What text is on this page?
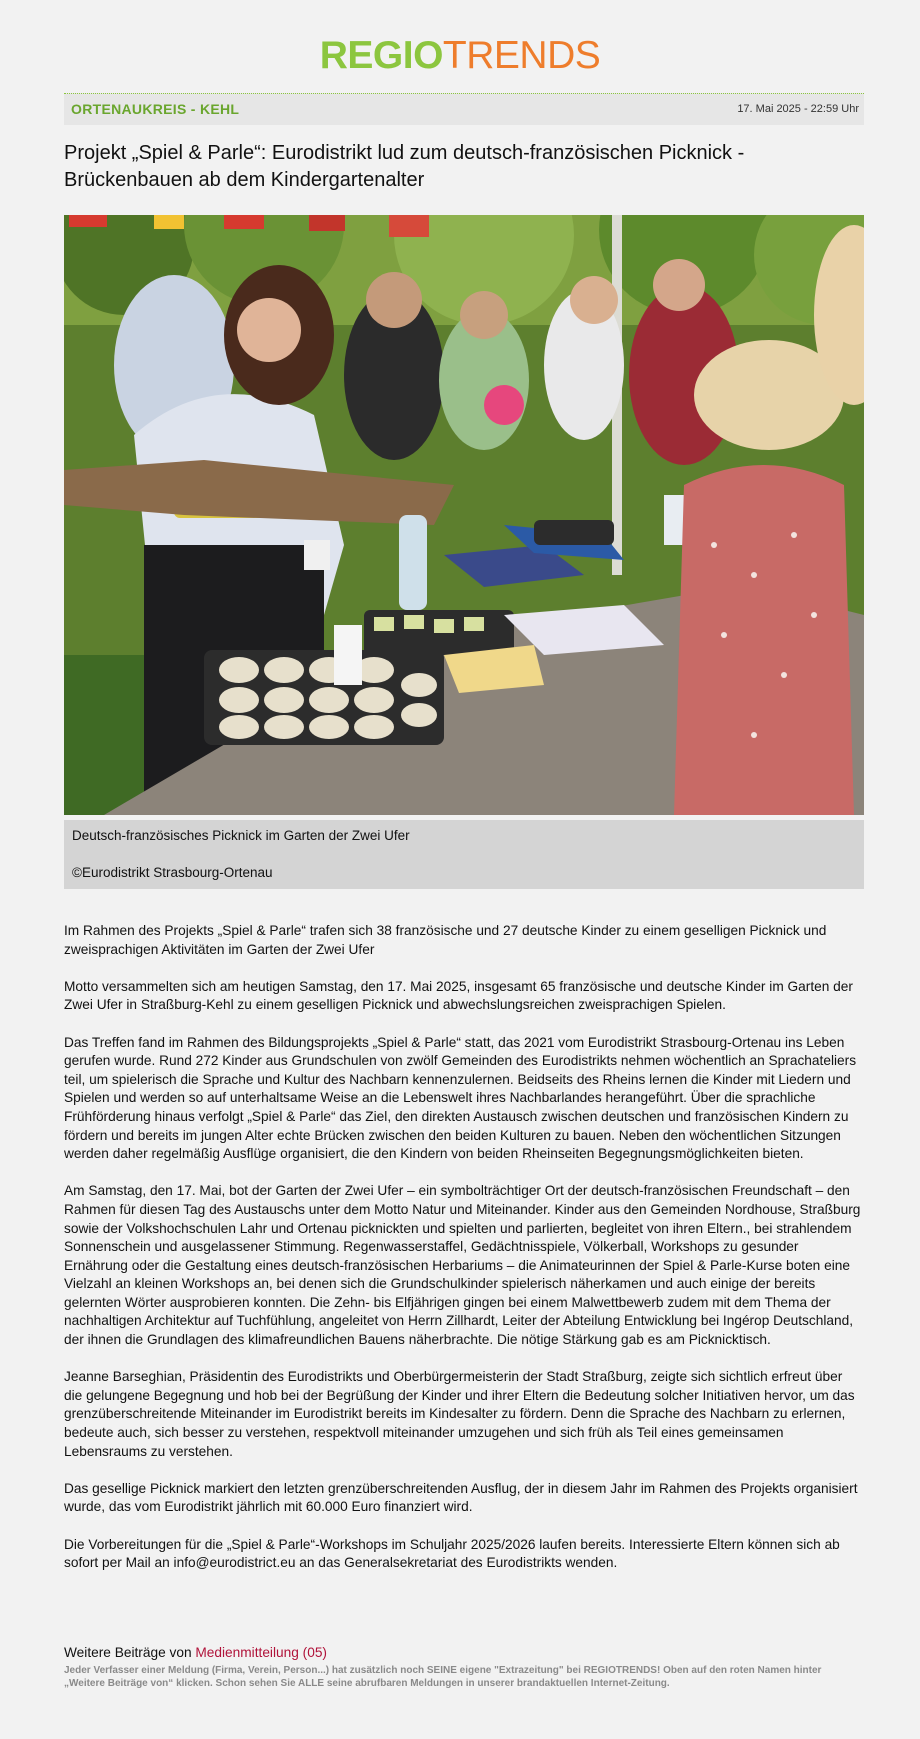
REGIOTRENDS
ORTENAUKREIS - KEHL	17. Mai 2025 - 22:59 Uhr
Projekt „Spiel & Parle“: Eurodistrikt lud zum deutsch-französischen Picknick - Brückenbauen ab dem Kindergartenalter
Deutsch-französisches Picknick im Garten der Zwei Ufer
©Eurodistrikt Strasbourg-Ortenau

Im Rahmen des Projekts „Spiel & Parle“ trafen sich 38 französische und 27 deutsche Kinder zu einem geselligen Picknick und zweisprachigen Aktivitäten im Garten der Zwei Ufer

Motto versammelten sich am heutigen Samstag, den 17. Mai 2025, insgesamt 65 französische und deutsche Kinder im Garten der Zwei Ufer in Straßburg-Kehl zu einem geselligen Picknick und abwechslungsreichen zweisprachigen Spielen.

Das Treffen fand im Rahmen des Bildungsprojekts „Spiel & Parle“ statt, das 2021 vom Eurodistrikt Strasbourg-Ortenau ins Leben gerufen wurde. Rund 272 Kinder aus Grundschulen von zwölf Gemeinden des Eurodistrikts nehmen wöchentlich an Sprachateliers teil, um spielerisch die Sprache und Kultur des Nachbarn kennenzulernen. Beidseits des Rheins lernen die Kinder mit Liedern und Spielen und werden so auf unterhaltsame Weise an die Lebenswelt ihres Nachbarlandes herangeführt. Über die sprachliche Frühförderung hinaus verfolgt „Spiel & Parle“ das Ziel, den direkten Austausch zwischen deutschen und französischen Kindern zu fördern und bereits im jungen Alter echte Brücken zwischen den beiden Kulturen zu bauen. Neben den wöchentlichen Sitzungen werden daher regelmäßig Ausflüge organisiert, die den Kindern von beiden Rheinseiten Begegnungsmöglichkeiten bieten.

Am Samstag, den 17. Mai, bot der Garten der Zwei Ufer – ein symbolträchtiger Ort der deutsch-französischen Freundschaft – den Rahmen für diesen Tag des Austauschs unter dem Motto Natur und Miteinander. Kinder aus den Gemeinden Nordhouse, Straßburg sowie der Volkshochschulen Lahr und Ortenau picknickten und spielten und parlierten, begleitet von ihren Eltern., bei strahlendem Sonnenschein und ausgelassener Stimmung. Regenwasserstaffel, Gedächtnisspiele, Völkerball, Workshops zu gesunder Ernährung oder die Gestaltung eines deutsch-französischen Herbariums – die Animateurinnen der Spiel & Parle-Kurse boten eine Vielzahl an kleinen Workshops an, bei denen sich die Grundschulkinder spielerisch näherkamen und auch einige der bereits gelernten Wörter ausprobieren konnten. Die Zehn- bis Elfjährigen gingen bei einem Malwettbewerb zudem mit dem Thema der nachhaltigen Architektur auf Tuchfühlung, angeleitet von Herrn Zillhardt, Leiter der Abteilung Entwicklung bei Ingérop Deutschland, der ihnen die Grundlagen des klimafreundlichen Bauens näherbrachte. Die nötige Stärkung gab es am Picknicktisch.

Jeanne Barseghian, Präsidentin des Eurodistrikts und Oberbürgermeisterin der Stadt Straßburg, zeigte sich sichtlich erfreut über die gelungene Begegnung und hob bei der Begrüßung der Kinder und ihrer Eltern die Bedeutung solcher Initiativen hervor, um das grenzüberschreitende Miteinander im Eurodistrikt bereits im Kindesalter zu fördern. Denn die Sprache des Nachbarn zu erlernen, bedeute auch, sich besser zu verstehen, respektvoll miteinander umzugehen und sich früh als Teil eines gemeinsamen Lebensraums zu verstehen.

Das gesellige Picknick markiert den letzten grenzüberschreitenden Ausflug, der in diesem Jahr im Rahmen des Projekts organisiert wurde, das vom Eurodistrikt jährlich mit 60.000 Euro finanziert wird.

Die Vorbereitungen für die „Spiel & Parle“-Workshops im Schuljahr 2025/2026 laufen bereits. Interessierte Eltern können sich ab sofort per Mail an info@eurodistrict.eu an das Generalsekretariat des Eurodistrikts wenden.

Weitere Beiträge von Medienmitteilung (05)
Jeder Verfasser einer Meldung (Firma, Verein, Person...) hat zusätzlich noch SEINE eigene "Extrazeitung" bei REGIOTRENDS! Oben auf den roten Namen hinter „Weitere Beiträge von“ klicken. Schon sehen Sie ALLE seine abrufbaren Meldungen in unserer brandaktuellen Internet-Zeitung.
